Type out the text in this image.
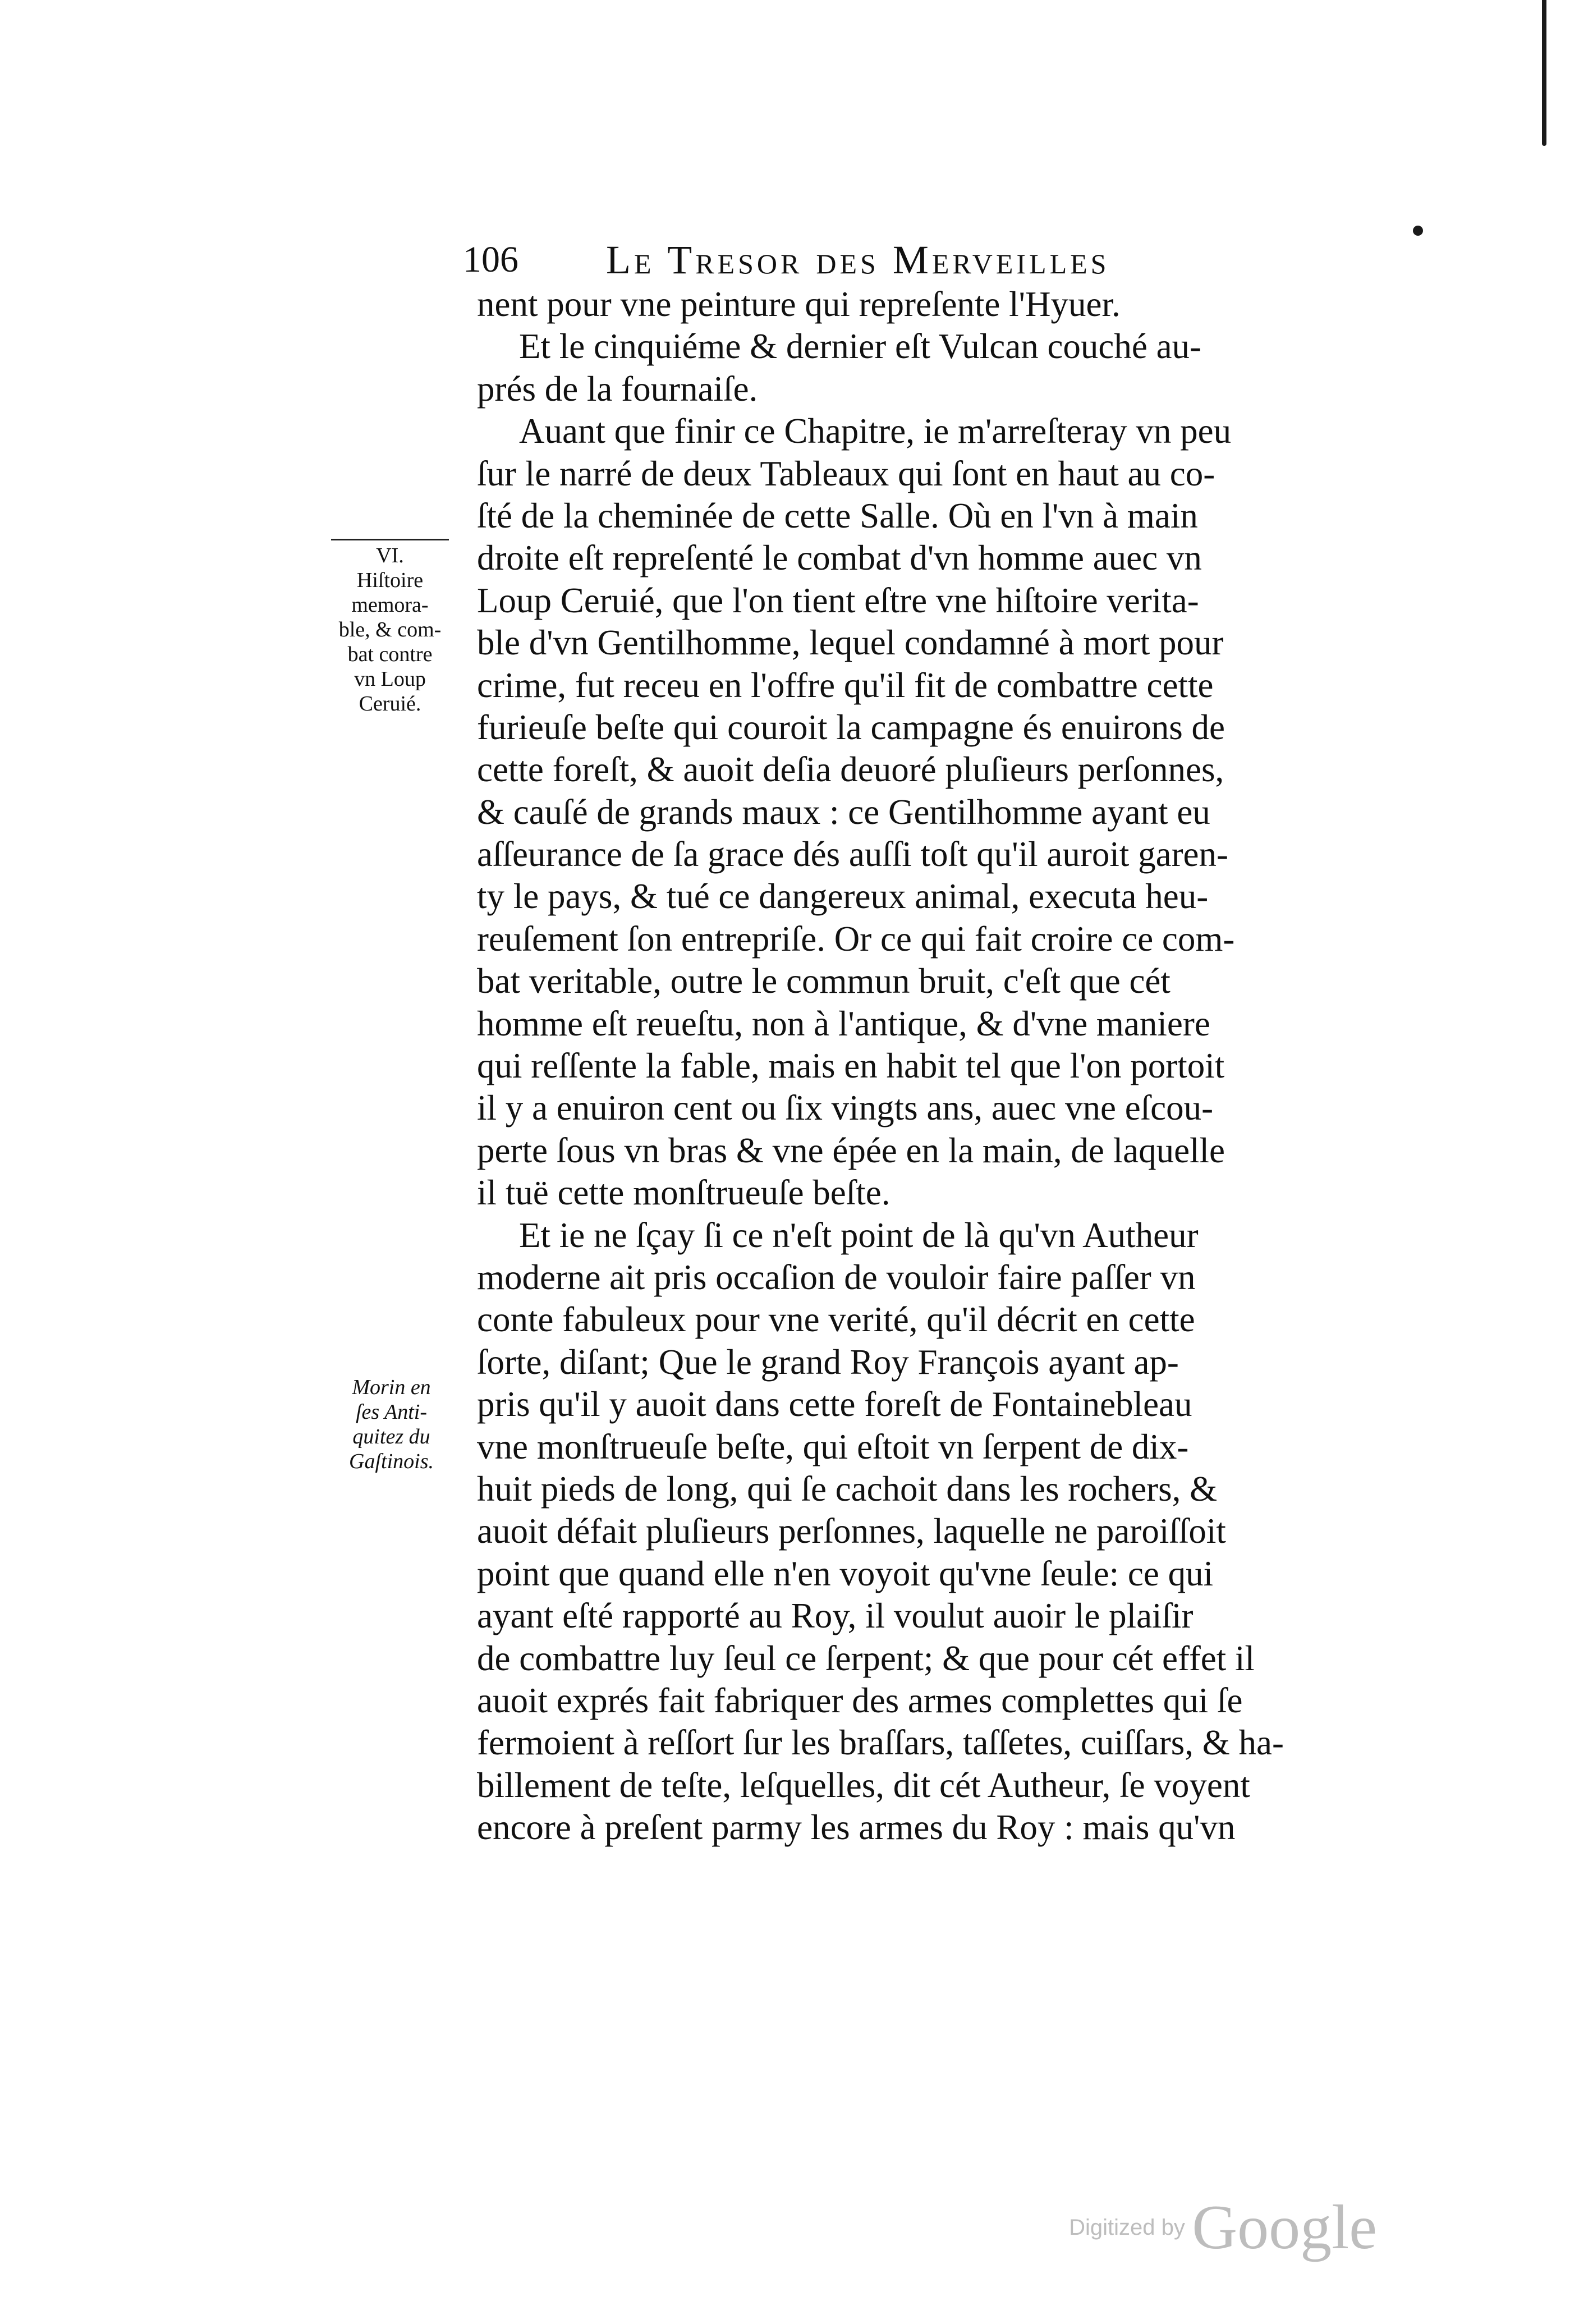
106 Le Tresor des Merveilles
VI.
Hiſtoire
memora-
ble, & com-
bat contre
vn Loup
Ceruié.
Morin en
ſes Anti-
quitez du
Gaſtinois.
nent pour vne peinture qui repreſente l'Hyuer.
Et le cinquiéme & dernier eſt Vulcan couché au-
prés de la fournaiſe.
Auant que finir ce Chapitre, ie m'arreſteray vn peu
ſur le narré de deux Tableaux qui ſont en haut au co-
ſté de la cheminée de cette Salle. Où en l'vn à main
droite eſt repreſenté le combat d'vn homme auec vn
Loup Ceruié, que l'on tient eſtre vne hiſtoire verita-
ble d'vn Gentilhomme, lequel condamné à mort pour
crime, fut receu en l'offre qu'il fit de combattre cette
furieuſe beſte qui couroit la campagne és enuirons de
cette foreſt, & auoit deſia deuoré pluſieurs perſonnes,
& cauſé de grands maux : ce Gentilhomme ayant eu
aſſeurance de ſa grace dés auſſi toſt qu'il auroit garen-
ty le pays, & tué ce dangereux animal, executa heu-
reuſement ſon entrepriſe. Or ce qui fait croire ce com-
bat veritable, outre le commun bruit, c'eſt que cét
homme eſt reueſtu, non à l'antique, & d'vne maniere
qui reſſente la fable, mais en habit tel que l'on portoit
il y a enuiron cent ou ſix vingts ans, auec vne eſcou-
perte ſous vn bras & vne épée en la main, de laquelle
il tuë cette monſtrueuſe beſte.
Et ie ne ſçay ſi ce n'eſt point de là qu'vn Autheur
moderne ait pris occaſion de vouloir faire paſſer vn
conte fabuleux pour vne verité, qu'il décrit en cette
ſorte, diſant; Que le grand Roy François ayant ap-
pris qu'il y auoit dans cette foreſt de Fontainebleau
vne monſtrueuſe beſte, qui eſtoit vn ſerpent de dix-
huit pieds de long, qui ſe cachoit dans les rochers, &
auoit défait pluſieurs perſonnes, laquelle ne paroiſſoit
point que quand elle n'en voyoit qu'vne ſeule: ce qui
ayant eſté rapporté au Roy, il voulut auoir le plaiſir
de combattre luy ſeul ce ſerpent; & que pour cét effet il
auoit exprés fait fabriquer des armes complettes qui ſe
fermoient à reſſort ſur les braſſars, taſſetes, cuiſſars, & ha-
billement de teſte, leſquelles, dit cét Autheur, ſe voyent
encore à preſent parmy les armes du Roy : mais qu'vn
Digitized by Google
